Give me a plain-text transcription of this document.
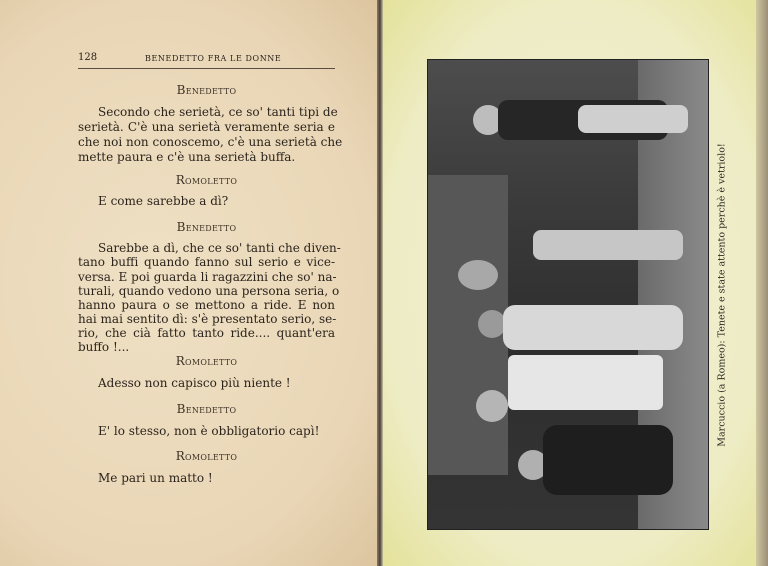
128	BENEDETTO FRA LE DONNE
Benedetto
Secondo che serietà, ce so' tanti tipi de
serietà. C'è una serietà veramente seria e
che noi non conoscemo, c'è una serietà che
mette paura e c'è una serietà buffa.
Romoletto
E come sarebbe a dì?
Benedetto
Sarebbe a dì, che ce so' tanti che diven-
tano buffi quando fanno sul serio e vice-
versa. E poi guarda li ragazzini che so' na-
turali, quando vedono una persona seria, o
hanno paura o se mettono a ride. E non
hai mai sentito dì: s'è presentato serio, se-
rio, che cià fatto tanto ride.... quant'era
buffo !...
Romoletto
Adesso non capisco più niente !
Benedetto
E' lo stesso, non è obbligatorio capì!
Romoletto
Me pari un matto !
Marcuccio (a Romeo): Tenete e state attento perchè è vetriolo!
